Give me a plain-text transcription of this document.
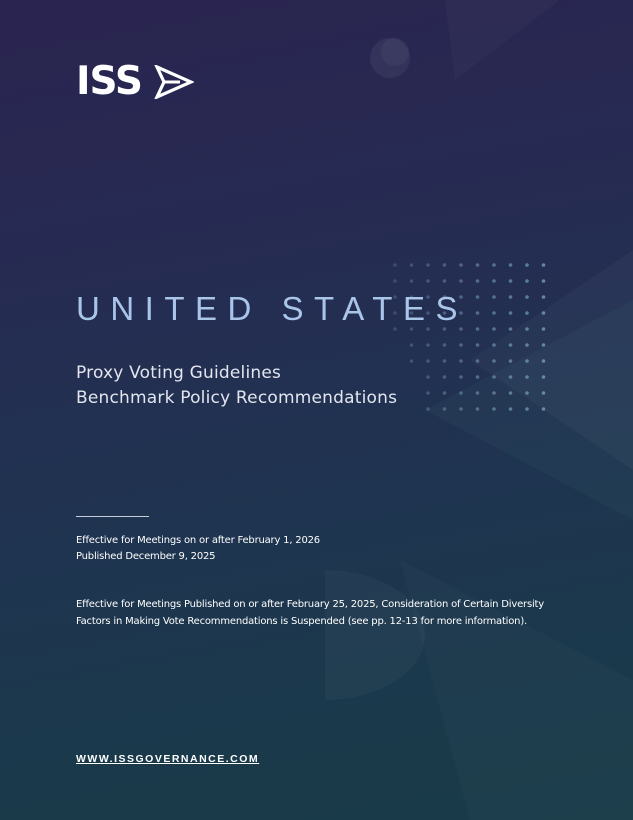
ISS
UNITED STATES
Proxy Voting Guidelines
Benchmark Policy Recommendations
Effective for Meetings on or after February 1, 2026
Published December 9, 2025
Effective for Meetings Published on or after February 25, 2025, Consideration of Certain Diversity Factors in Making Vote Recommendations is Suspended (see pp. 12-13 for more information).
WWW.ISSGOVERNANCE.COM
